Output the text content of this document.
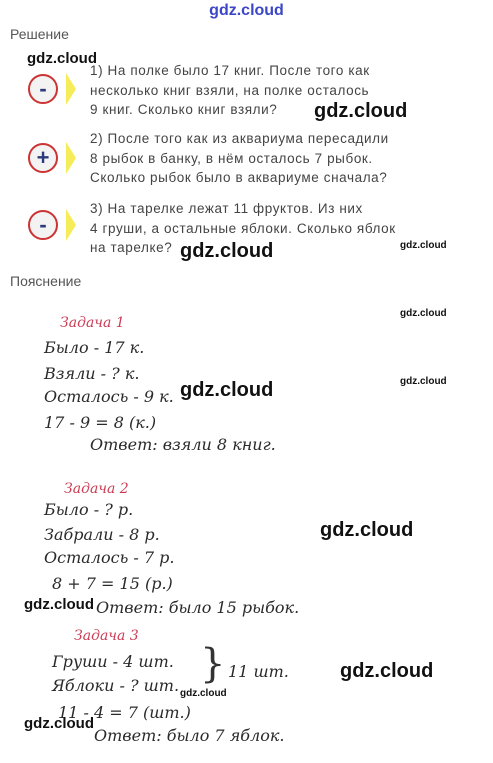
gdz.cloud
Решение
Пояснение
-
1) На полке было 17 книг. После того как
несколько книг взяли, на полке осталось
9 книг. Сколько книг взяли?
+
2) После того как из аквариума пересадили
8 рыбок в банку, в нём осталось 7 рыбок.
Сколько рыбок было в аквариуме сначала?
-
3) На тарелке лежат 11 фруктов. Из них
4 груши, а остальные яблоки. Сколько яблок
на тарелке?
Задача 1
Было - 17 к.
Взяли - ? к.
Осталось - 9 к.
17 - 9 = 8 (к.)
Ответ: взяли 8 книг.
Задача 2
Было - ? р.
Забрали - 8 р.
Осталось - 7 р.
8 + 7 = 15 (р.)
Ответ: было 15 рыбок.
Задача 3
Груши - 4 шт.
Яблоки - ? шт. } 11 шт.
11 - 4 = 7 (шт.)
Ответ: было 7 яблок.
gdz.cloud
gdz.cloud
gdz.cloud
gdz.cloud
gdz.cloud
gdz.cloud
gdz.cloud
gdz.cloud
gdz.cloud
gdz.cloud
gdz.cloud
gdz.cloud
